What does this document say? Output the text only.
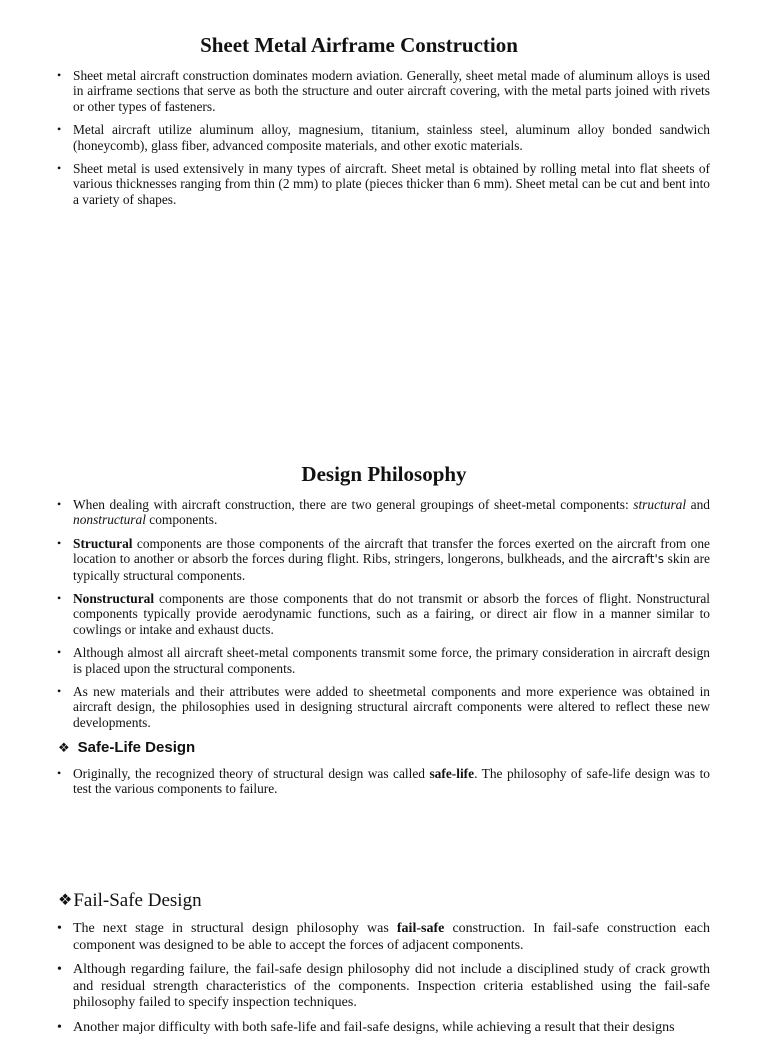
Sheet Metal Airframe Construction
• Sheet metal aircraft construction dominates modern aviation. Generally, sheet metal made of aluminum alloys is used in airframe sections that serve as both the structure and outer aircraft covering, with the metal parts joined with rivets or other types of fasteners.
• Metal aircraft utilize aluminum alloy, magnesium, titanium, stainless steel, aluminum alloy bonded sandwich (honeycomb), glass fiber, advanced composite materials, and other exotic materials.
• Sheet metal is used extensively in many types of aircraft. Sheet metal is obtained by rolling metal into flat sheets of various thicknesses ranging from thin (2 mm) to plate (pieces thicker than 6 mm). Sheet metal can be cut and bent into a variety of shapes.
Design Philosophy
• When dealing with aircraft construction, there are two general groupings of sheet-metal components: structural and nonstructural components.
• Structural components are those components of the aircraft that transfer the forces exerted on the aircraft from one location to another or absorb the forces during flight. Ribs, stringers, longerons, bulkheads, and the aircraft's skin are typically structural components.
• Nonstructural components are those components that do not transmit or absorb the forces of flight. Nonstructural components typically provide aerodynamic functions, such as a fairing, or direct air flow in a manner similar to cowlings or intake and exhaust ducts.
• Although almost all aircraft sheet-metal components transmit some force, the primary consideration in aircraft design is placed upon the structural components.
• As new materials and their attributes were added to sheetmetal components and more experience was obtained in aircraft design, the philosophies used in designing structural aircraft components were altered to reflect these new developments.
❖ Safe-Life Design
• Originally, the recognized theory of structural design was called safe-life. The philosophy of safe-life design was to test the various components to failure.
❖ Fail-Safe Design
• The next stage in structural design philosophy was fail-safe construction. In fail-safe construction each component was designed to be able to accept the forces of adjacent components.
• Although regarding failure, the fail-safe design philosophy did not include a disciplined study of crack growth and residual strength characteristics of the components. Inspection criteria established using the fail-safe philosophy failed to specify inspection techniques.
• Another major difficulty with both safe-life and fail-safe designs, while achieving a result that their designs
